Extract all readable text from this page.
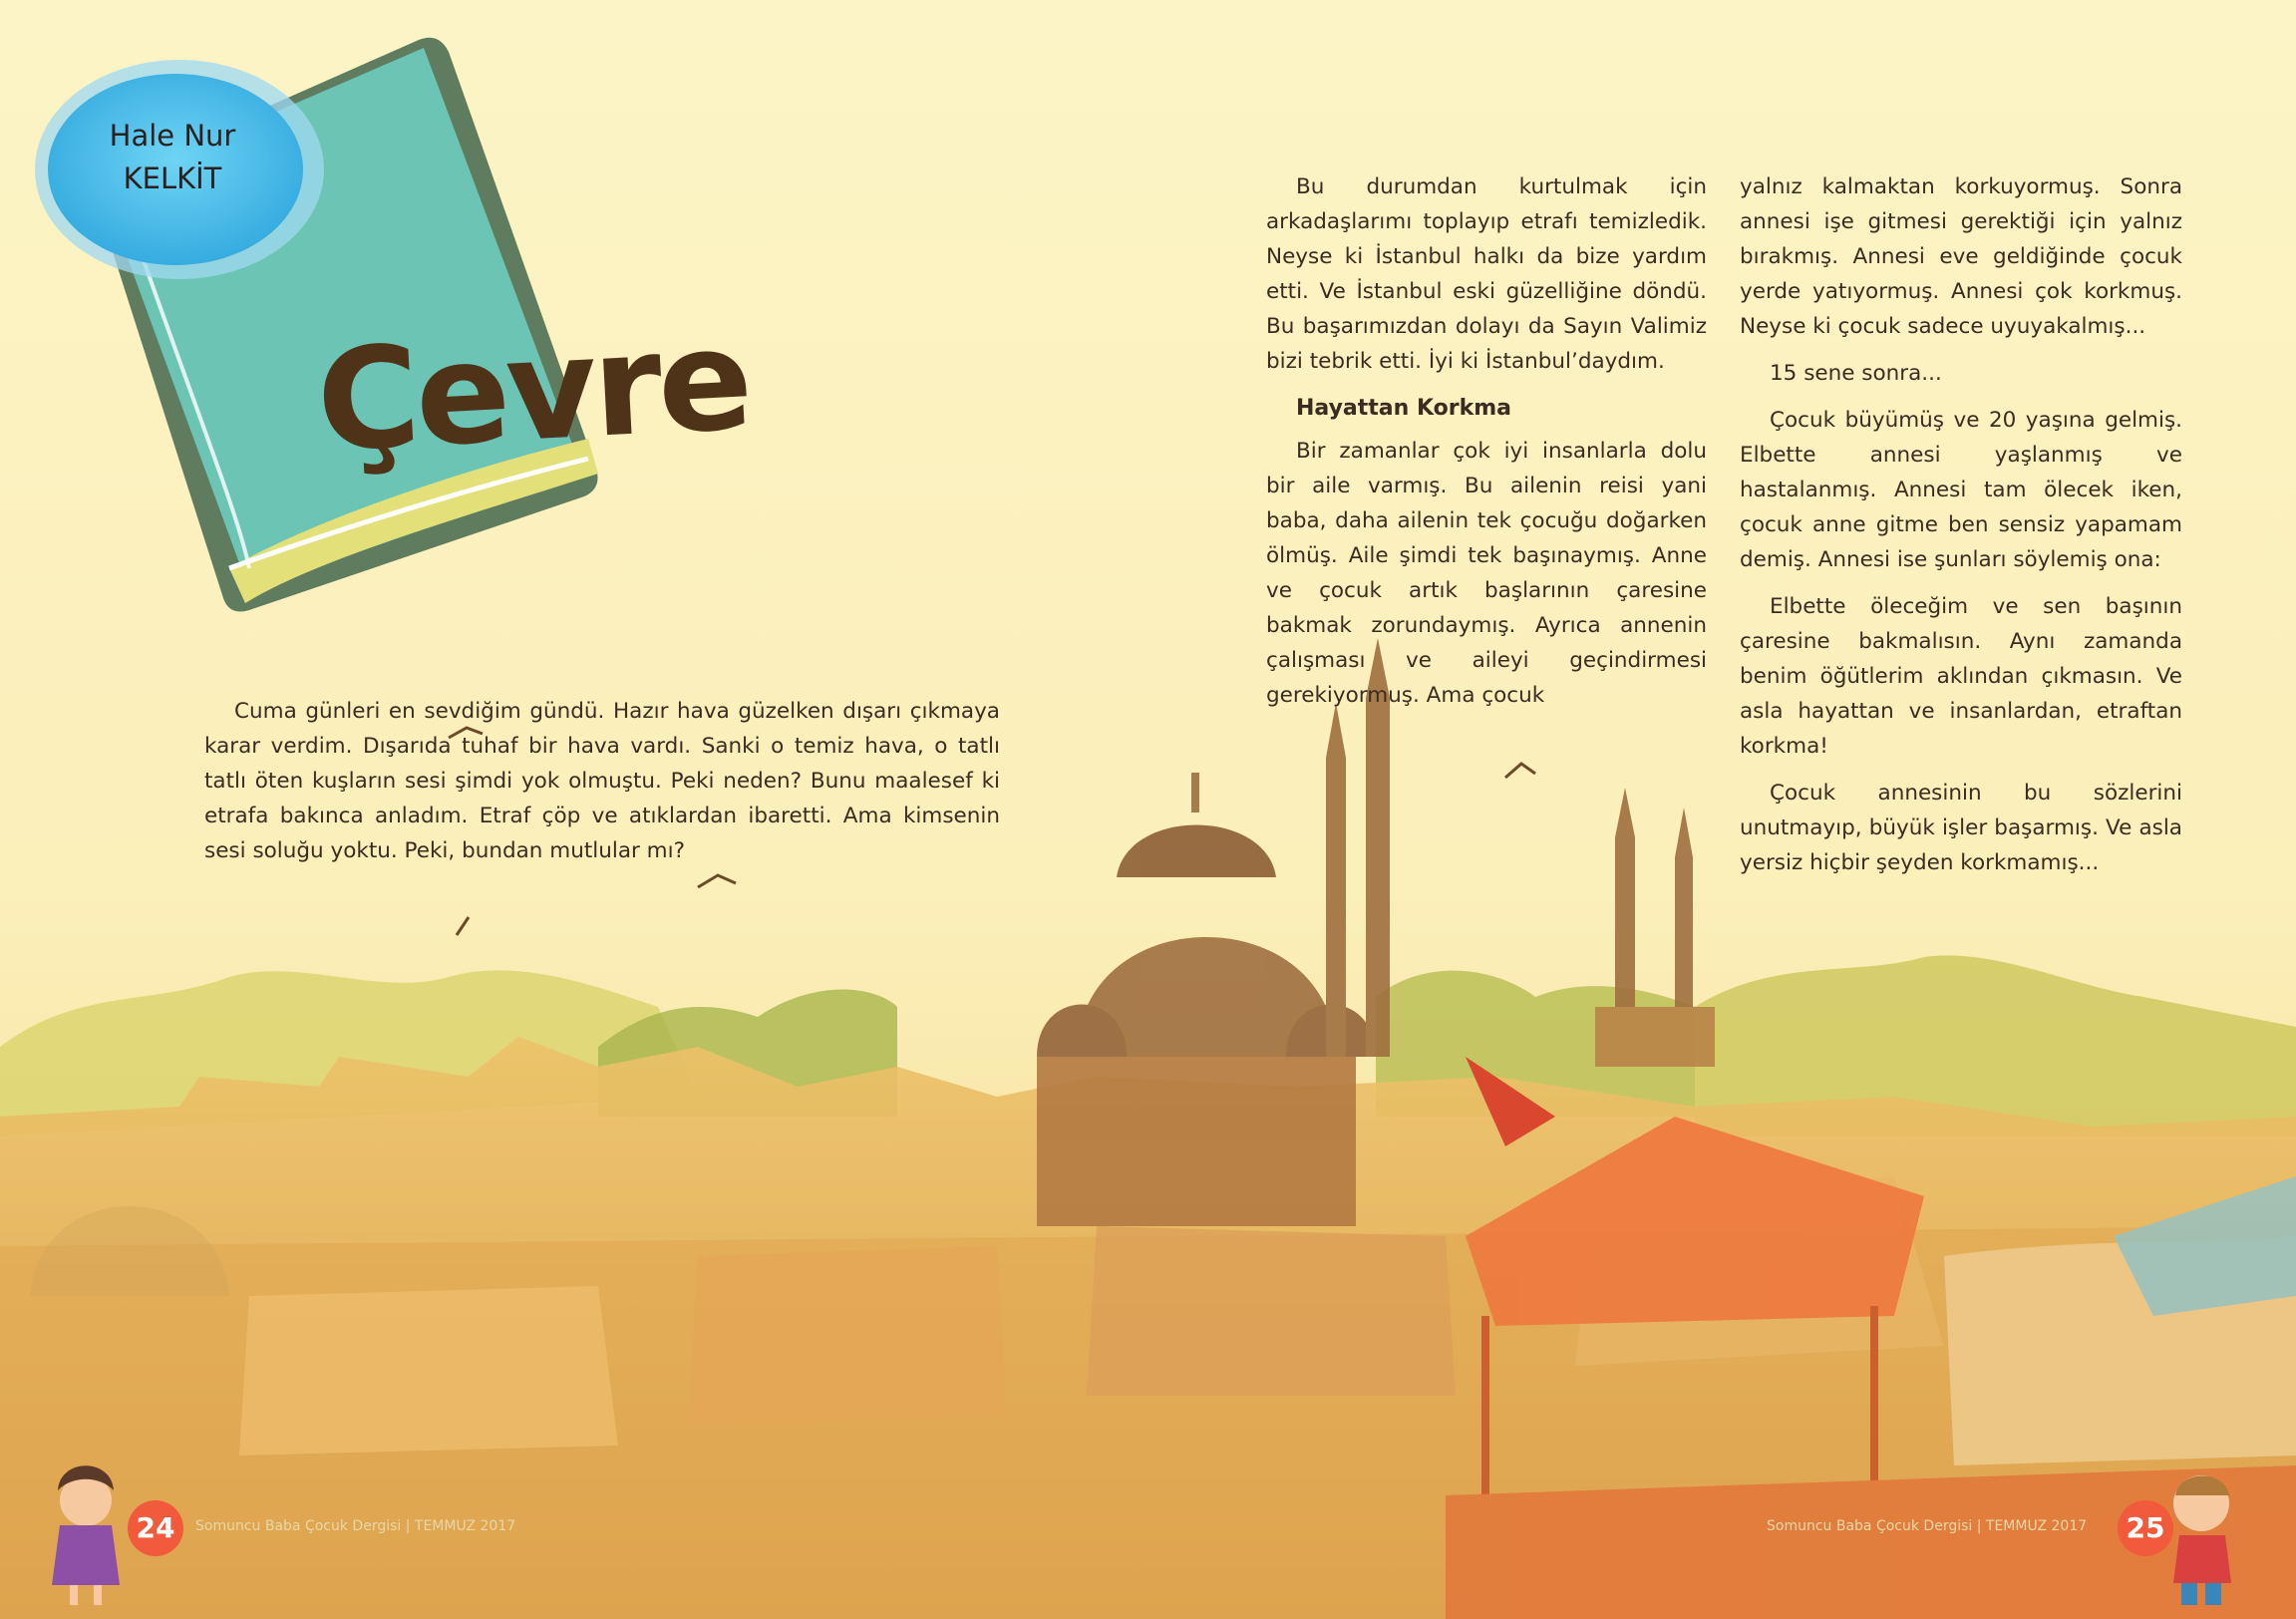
Hale Nur
KELKİT
Çevre

Cuma günleri en sevdiğim gündü. Hazır hava güzelken dışarı çıkmaya karar verdim. Dışarıda tuhaf bir hava vardı. Sanki o temiz hava, o tatlı tatlı öten kuşların sesi şimdi yok olmuştu. Peki neden? Bunu maalesef ki etrafa bakınca anladım. Etraf çöp ve atıklardan ibaretti. Ama kimsenin sesi soluğu yoktu. Peki, bundan mutlular mı?

Bu durumdan kurtulmak için arkadaşlarımı toplayıp etrafı temizledik. Neyse ki İstanbul halkı da bize yardım etti. Ve İstanbul eski güzelliğine döndü. Bu başarımızdan dolayı da Sayın Valimiz bizi tebrik etti. İyi ki İstanbul’daydım.

Hayattan Korkma

Bir zamanlar çok iyi insanlarla dolu bir aile varmış. Bu ailenin reisi yani baba, daha ailenin tek çocuğu doğarken ölmüş. Aile şimdi tek başınaymış. Anne ve çocuk artık başlarının çaresine bakmak zorundaymış. Ayrıca annenin çalışması ve aileyi geçindirmesi gerekiyormuş. Ama çocuk

yalnız kalmaktan korkuyormuş. Sonra annesi işe gitmesi gerektiği için yalnız bırakmış. Annesi eve geldiğinde çocuk yerde yatıyormuş. Annesi çok korkmuş. Neyse ki çocuk sadece uyuyakalmış...

15 sene sonra...

Çocuk büyümüş ve 20 yaşına gelmiş. Elbette annesi yaşlanmış ve hastalanmış. Annesi tam ölecek iken, çocuk anne gitme ben sensiz yapamam demiş. Annesi ise şunları söylemiş ona:

Elbette öleceğim ve sen başının çaresine bakmalısın. Aynı zamanda benim öğütlerim aklından çıkmasın. Ve asla hayattan ve insanlardan, etraftan korkma!

Çocuk annesinin bu sözlerini unutmayıp, büyük işler başarmış. Ve asla yersiz hiçbir şeyden korkmamış...

24	Somuncu Baba Çocuk Dergisi | TEMMUZ 2017	Somuncu Baba Çocuk Dergisi | TEMMUZ 2017	25
